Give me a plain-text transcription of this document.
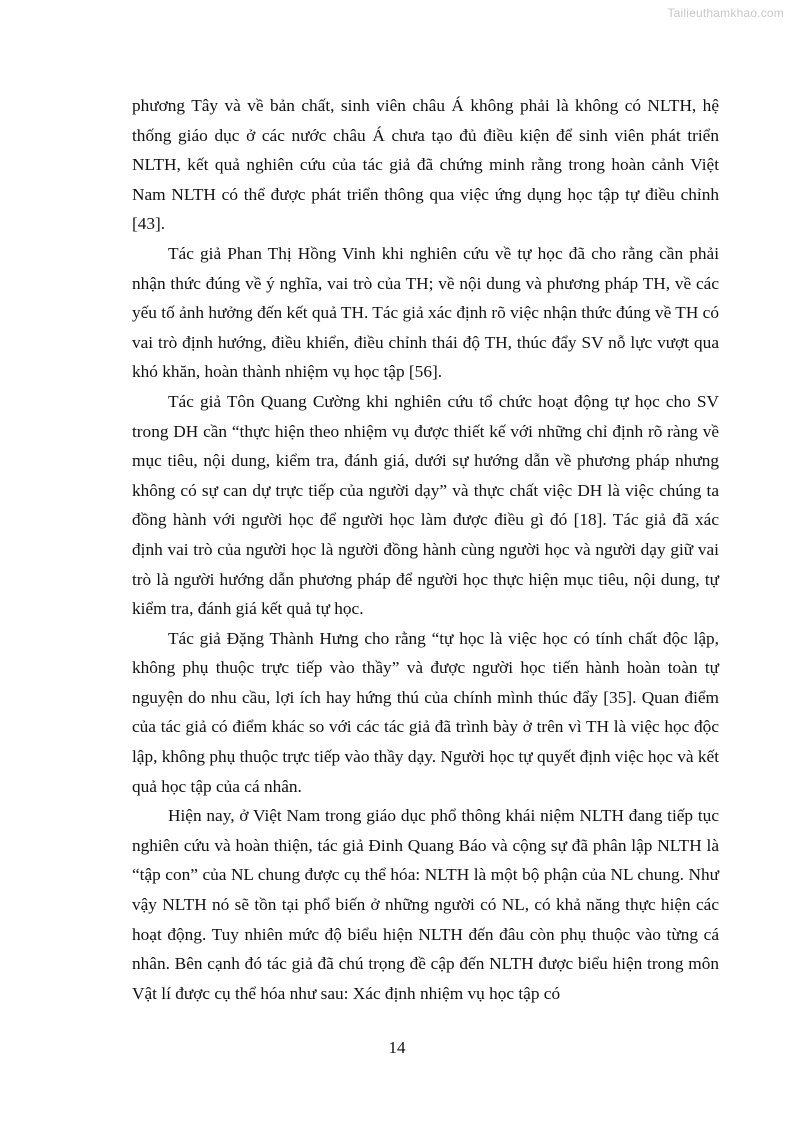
Tailieuthamkhao.com

phương Tây và về bản chất, sinh viên châu Á không phải là không có NLTH, hệ thống giáo dục ở các nước châu Á chưa tạo đủ điều kiện để sinh viên phát triển NLTH, kết quả nghiên cứu của tác giả đã chứng minh rằng trong hoàn cảnh Việt Nam NLTH có thể được phát triển thông qua việc ứng dụng học tập tự điều chỉnh [43].

Tác giả Phan Thị Hồng Vinh khi nghiên cứu về tự học đã cho rằng cần phải nhận thức đúng về ý nghĩa, vai trò của TH; về nội dung và phương pháp TH, về các yếu tố ảnh hưởng đến kết quả TH. Tác giả xác định rõ việc nhận thức đúng về TH có vai trò định hướng, điều khiển, điều chỉnh thái độ TH, thúc đẩy SV nỗ lực vượt qua khó khăn, hoàn thành nhiệm vụ học tập [56].

Tác giả Tôn Quang Cường khi nghiên cứu tổ chức hoạt động tự học cho SV trong DH cần “thực hiện theo nhiệm vụ được thiết kế với những chỉ định rõ ràng về mục tiêu, nội dung, kiểm tra, đánh giá, dưới sự hướng dẫn về phương pháp nhưng không có sự can dự trực tiếp của người dạy” và thực chất việc DH là việc chúng ta đồng hành với người học để người học làm được điều gì đó [18]. Tác giả đã xác định vai trò của người học là người đồng hành cùng người học và người dạy giữ vai trò là người hướng dẫn phương pháp để người học thực hiện mục tiêu, nội dung, tự kiểm tra, đánh giá kết quả tự học.

Tác giả Đặng Thành Hưng cho rằng “tự học là việc học có tính chất độc lập, không phụ thuộc trực tiếp vào thầy” và được người học tiến hành hoàn toàn tự nguyện do nhu cầu, lợi ích hay hứng thú của chính mình thúc đẩy [35]. Quan điểm của tác giả có điểm khác so với các tác giả đã trình bày ở trên vì TH là việc học độc lập, không phụ thuộc trực tiếp vào thầy dạy. Người học tự quyết định việc học và kết quả học tập của cá nhân.

Hiện nay, ở Việt Nam trong giáo dục phổ thông khái niệm NLTH đang tiếp tục nghiên cứu và hoàn thiện, tác giả Đinh Quang Báo và cộng sự đã phân lập NLTH là “tập con” của NL chung được cụ thể hóa: NLTH là một bộ phận của NL chung. Như vậy NLTH nó sẽ tồn tại phổ biến ở những người có NL, có khả năng thực hiện các hoạt động. Tuy nhiên mức độ biểu hiện NLTH đến đâu còn phụ thuộc vào từng cá nhân. Bên cạnh đó tác giả đã chú trọng đề cập đến NLTH được biểu hiện trong môn Vật lí được cụ thể hóa như sau: Xác định nhiệm vụ học tập có

14
